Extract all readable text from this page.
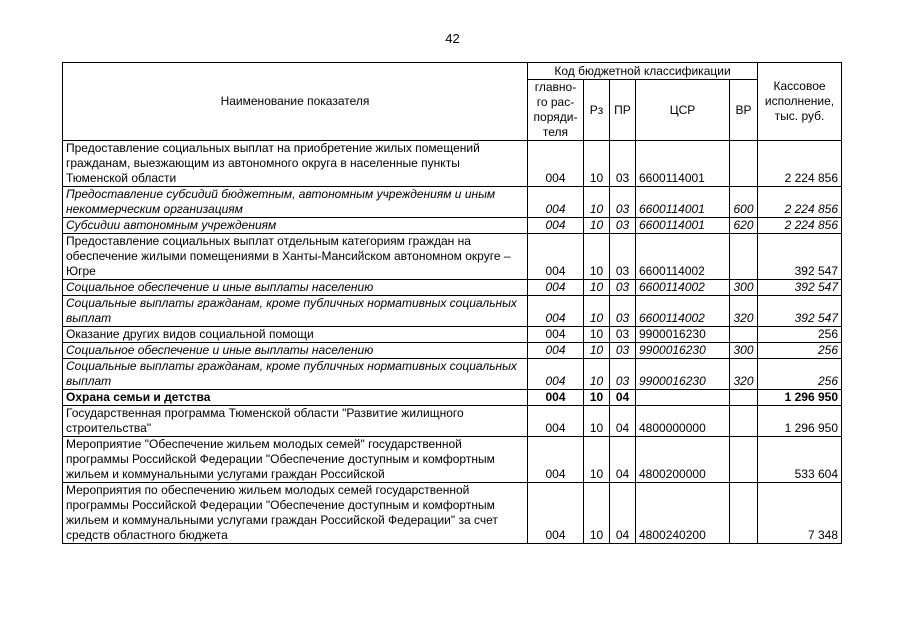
42
Наименование показателя	Код бюджетной классификации					Кассовое исполнение, тыс. руб.
	главно-го рас-поряди-теля	Рз	ПР	ЦСР	ВР	
Предоставление социальных выплат на приобретение жилых помещений гражданам, выезжающим из автономного округа в населенные пункты Тюменской области	004	10	03	6600114001		2 224 856
Предоставление субсидий бюджетным, автономным учреждениям и иным некоммерческим организациям	004	10	03	6600114001	600	2 224 856
Субсидии автономным учреждениям	004	10	03	6600114001	620	2 224 856
Предоставление социальных выплат отдельным категориям граждан на обеспечение жилыми помещениями в Ханты-Мансийском автономном округе – Югре	004	10	03	6600114002		392 547
Социальное обеспечение и иные выплаты населению	004	10	03	6600114002	300	392 547
Социальные выплаты гражданам, кроме публичных нормативных социальных выплат	004	10	03	6600114002	320	392 547
Оказание других видов социальной помощи	004	10	03	9900016230		256
Социальное обеспечение и иные выплаты населению	004	10	03	9900016230	300	256
Социальные выплаты гражданам, кроме публичных нормативных социальных выплат	004	10	03	9900016230	320	256
Охрана семьи и детства	004	10	04			1 296 950
Государственная программа Тюменской области "Развитие жилищного строительства"	004	10	04	4800000000		1 296 950
Мероприятие "Обеспечение жильем молодых семей" государственной программы Российской Федерации "Обеспечение доступным и комфортным жильем и коммунальными услугами граждан Российской	004	10	04	4800200000		533 604
Мероприятия по обеспечению жильем молодых семей государственной программы Российской Федерации "Обеспечение доступным и комфортным жильем и коммунальными услугами граждан Российской Федерации" за счет средств областного бюджета	004	10	04	4800240200		7 348
